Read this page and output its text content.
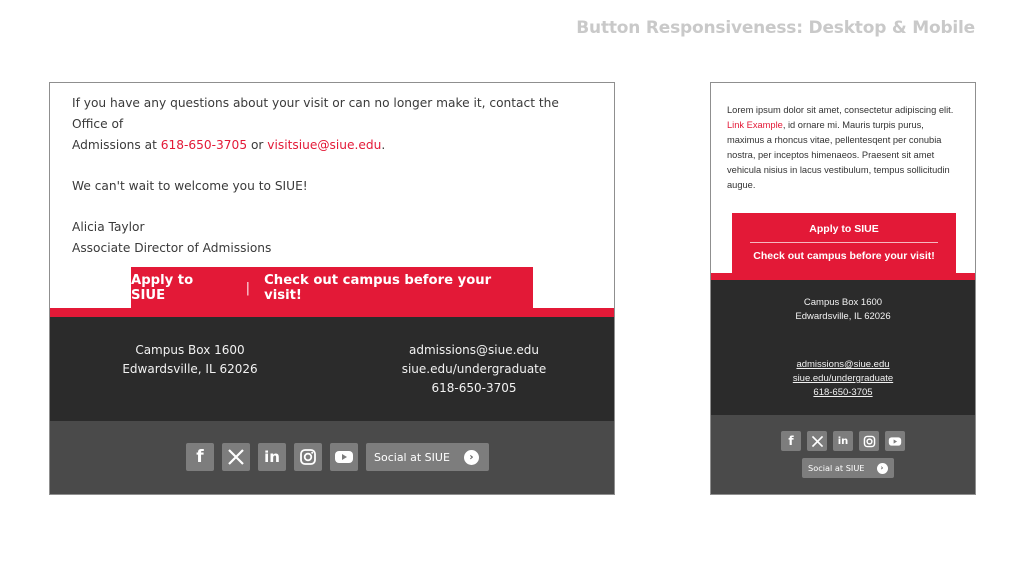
Button Responsiveness: Desktop & Mobile

If you have any questions about your visit or can no longer make it, contact the Office of

Admissions at 618-650-3705 or visitsiue@siue.edu.

We can't wait to welcome you to SIUE!

Alicia Taylor

Associate Director of Admissions

Apply to SIUE	| Check out campus before your visit!
Campus Box 1600
Edwardsville, IL 62026
admissions@siue.edu
siue.edu/undergraduate
618-650-3705
f	in	Social at SIUE	›
Lorem ipsum dolor sit amet, consectetur adipiscing elit. Link Example, id ornare mi. Mauris turpis purus, maximus a rhoncus vitae, pellentesqent per conubia nostra, per inceptos himenaeos. Praesent sit amet vehicula nisius in lacus vestibulum, tempus sollicitudin augue.
Apply to SIUE
Check out campus before your visit!
Campus Box 1600
Edwardsville, IL 62026
admissions@siue.edu
siue.edu/undergraduate
618-650-3705
f	in
Social at SIUE	›
